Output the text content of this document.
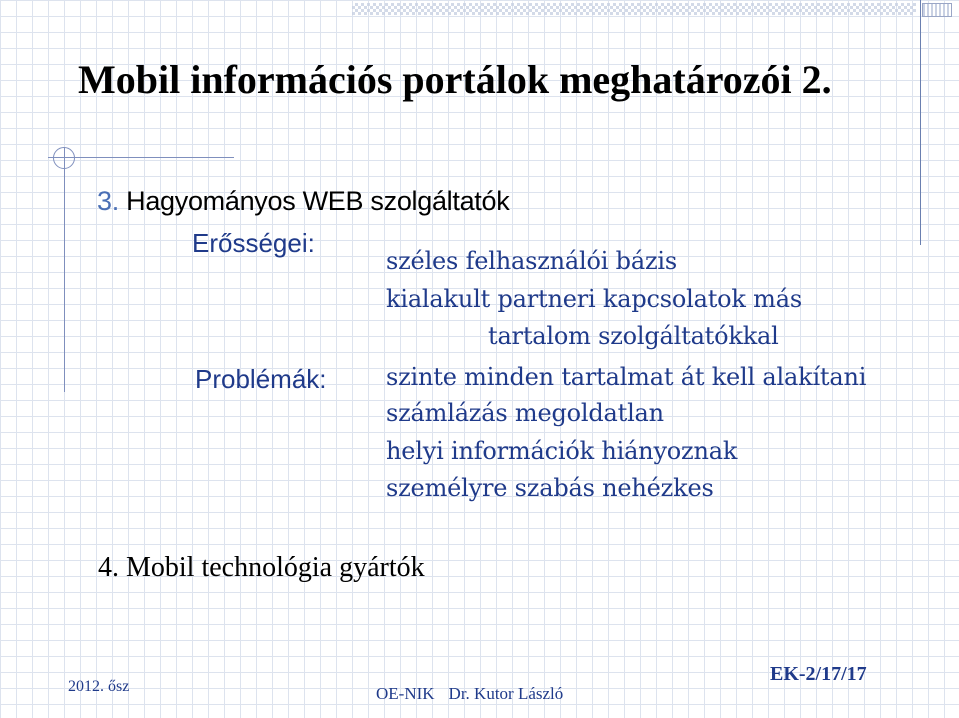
Mobil információs portálok meghatározói 2.
3. Hagyományos WEB szolgáltatók
Erősségei:
széles felhasználói bázis
kialakult partneri kapcsolatok más
tartalom szolgáltatókkal
Problémák: szinte minden tartalmat át kell alakítani
számlázás megoldatlan
helyi információk hiányoznak
személyre szabás nehézkes
4. Mobil technológia gyártók
2012. ősz	OE-NIK Dr. Kutor László
EK-2/17/17
